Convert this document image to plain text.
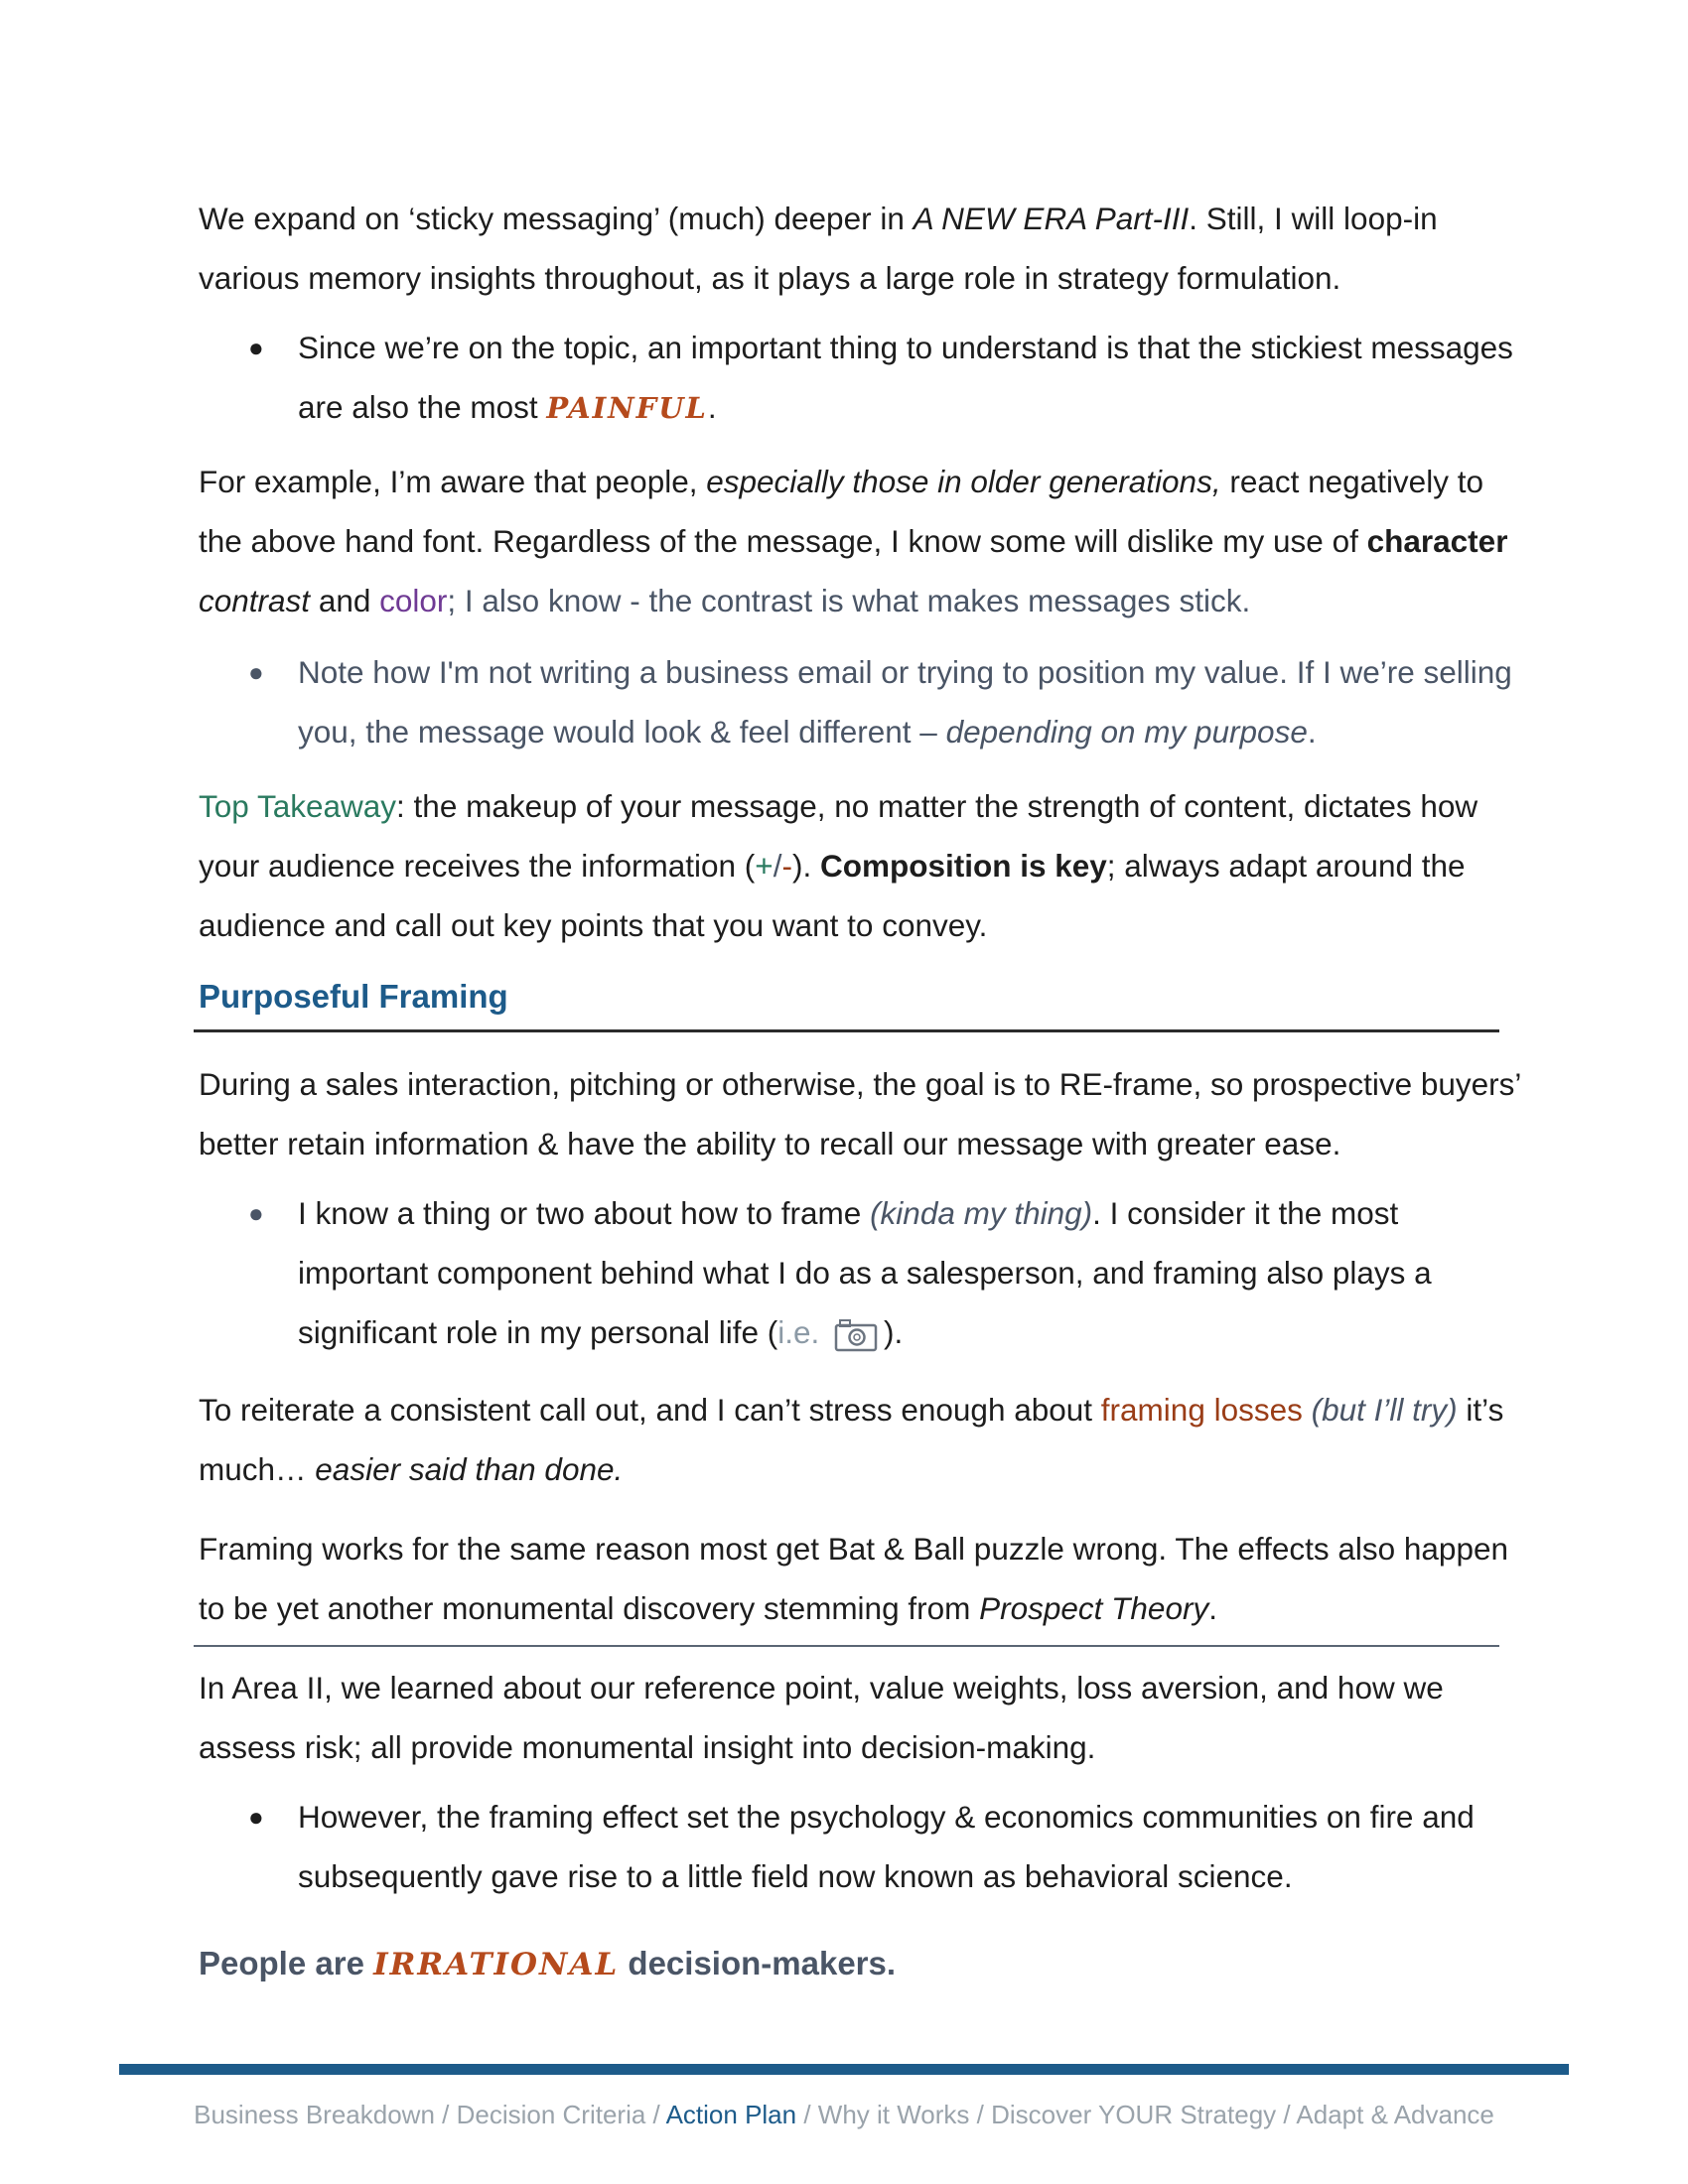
We expand on ‘sticky messaging’ (much) deeper in A NEW ERA Part-III. Still, I will loop-in various memory insights throughout, as it plays a large role in strategy formulation.
● Since we’re on the topic, an important thing to understand is that the stickiest messages are also the most PAINFUL.
For example, I’m aware that people, especially those in older generations, react negatively to the above hand font. Regardless of the message, I know some will dislike my use of character contrast and color; I also know - the contrast is what makes messages stick.
● Note how I'm not writing a business email or trying to position my value. If I we’re selling you, the message would look & feel different – depending on my purpose.
Top Takeaway: the makeup of your message, no matter the strength of content, dictates how your audience receives the information (+/-). Composition is key; always adapt around the audience and call out key points that you want to convey.
Purposeful Framing
During a sales interaction, pitching or otherwise, the goal is to RE-frame, so prospective buyers’ better retain information & have the ability to recall our message with greater ease.
● I know a thing or two about how to frame (kinda my thing). I consider it the most important component behind what I do as a salesperson, and framing also plays a significant role in my personal life (i.e. ).
To reiterate a consistent call out, and I can’t stress enough about framing losses (but I’ll try) it’s much… easier said than done.
Framing works for the same reason most get Bat & Ball puzzle wrong. The effects also happen to be yet another monumental discovery stemming from Prospect Theory.
In Area II, we learned about our reference point, value weights, loss aversion, and how we assess risk; all provide monumental insight into decision-making.
● However, the framing effect set the psychology & economics communities on fire and subsequently gave rise to a little field now known as behavioral science.
People are IRRATIONAL decision-makers.
Business Breakdown / Decision Criteria / Action Plan / Why it Works / Discover YOUR Strategy / Adapt & Advance
